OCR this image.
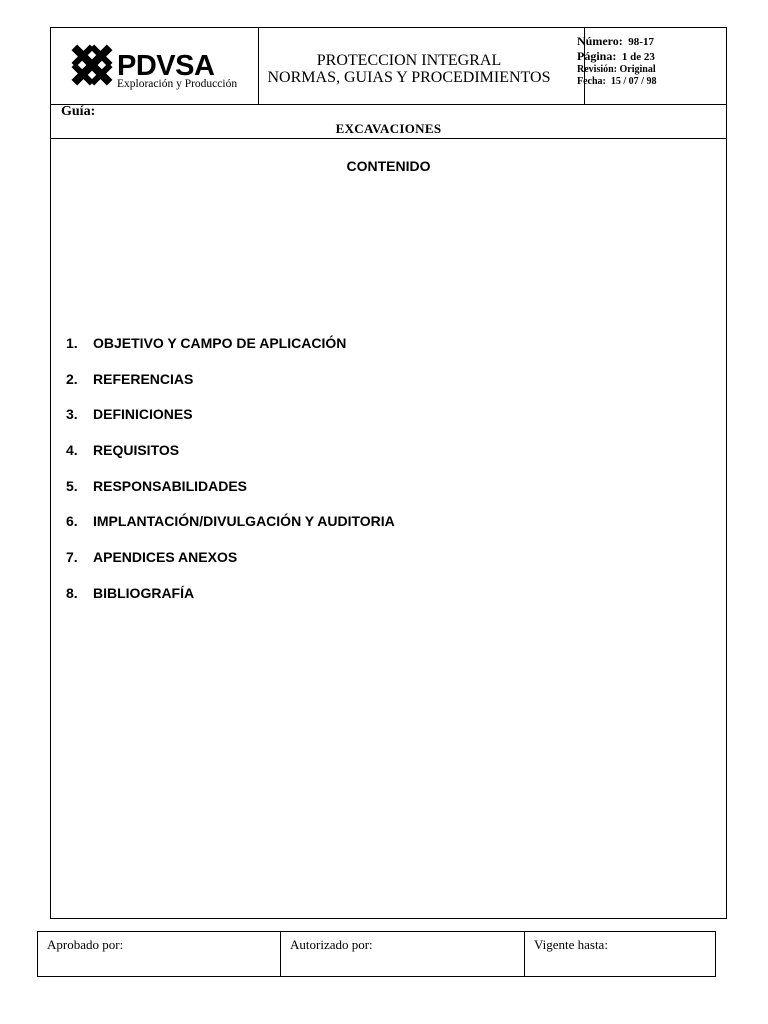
PDVSA
Exploración y Producción
PROTECCION INTEGRAL
NORMAS, GUIAS Y PROCEDIMIENTOS
Número: 98-17
Página: 1 de 23
Revisión: Original
Fecha: 15 / 07 / 98
Guía:
EXCAVACIONES
CONTENIDO
1. OBJETIVO Y CAMPO DE APLICACIÓN
2. REFERENCIAS
3. DEFINICIONES
4. REQUISITOS
5. RESPONSABILIDADES
6. IMPLANTACIÓN/DIVULGACIÓN Y AUDITORIA
7. APENDICES ANEXOS
8. BIBLIOGRAFÍA
Aprobado por:	Autorizado por:	Vigente hasta:
